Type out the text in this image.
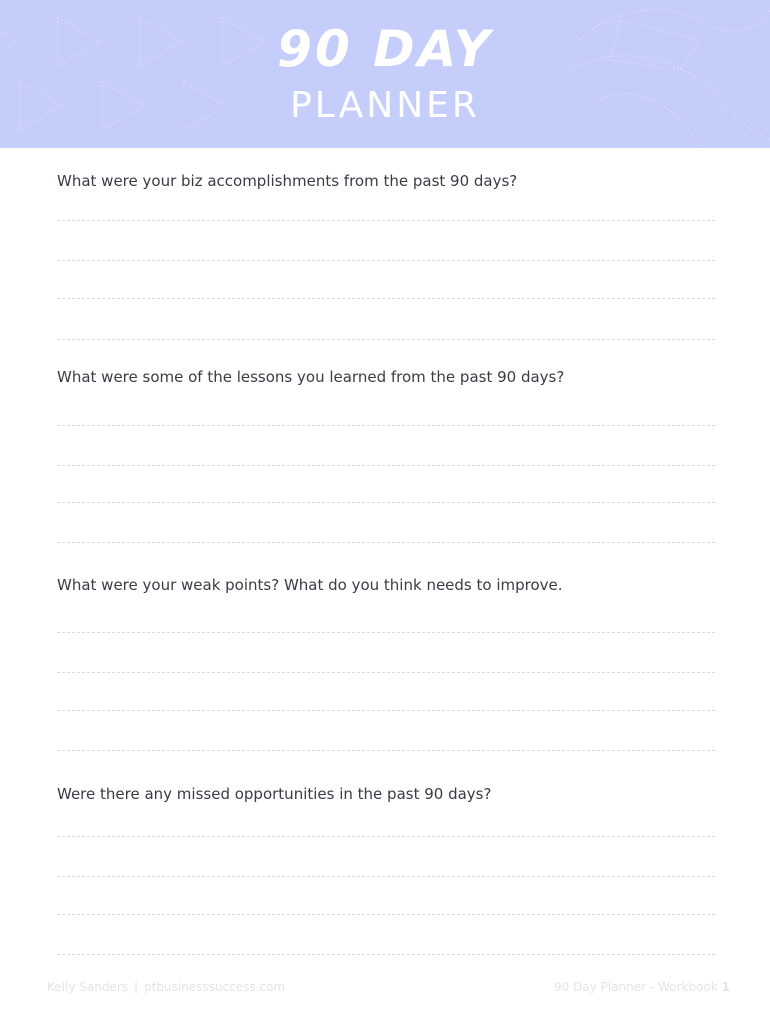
90 DAY
PLANNER
What were your biz accomplishments from the past 90 days?
What were some of the lessons you learned from the past 90 days?
What were your weak points? What do you think needs to improve.
Were there any missed opportunities in the past 90 days?
Kelly Sanders | ptbusinesssuccess.com	90 Day Planner - Workbook 1
